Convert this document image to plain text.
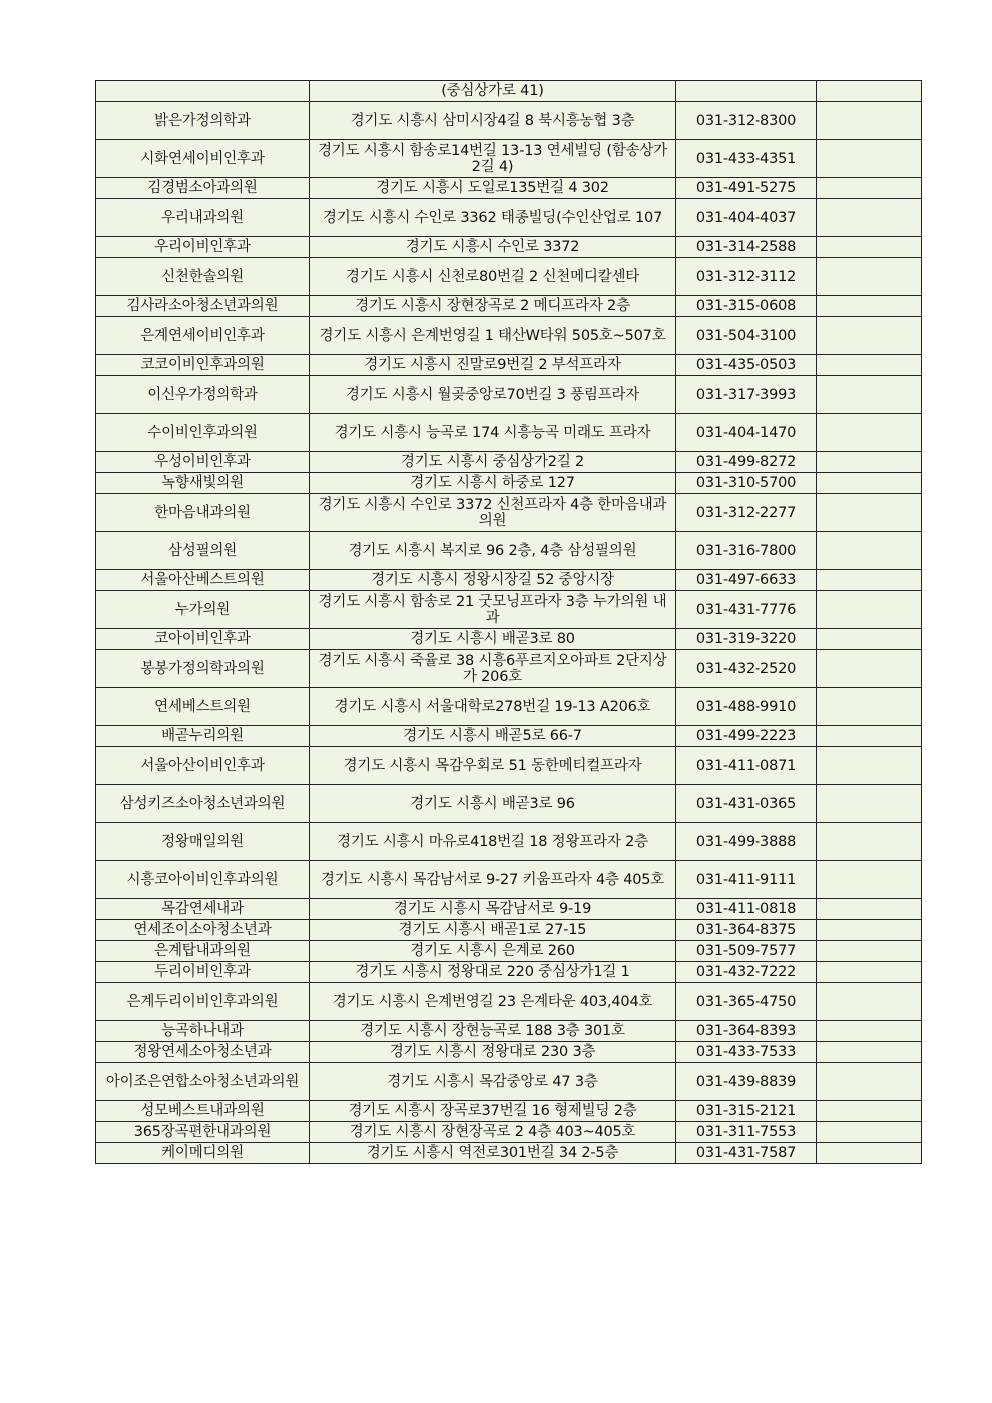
	(중심상가로 41)		

밝은가정의학과	경기도 시흥시 삼미시장4길 8 북시흥농협 3층	031-312-8300	

시화연세이비인후과	경기도 시흥시 함송로14번길 13-13 연세빌딩 (함송상가2길 4)	031-433-4351	

김경범소아과의원	경기도 시흥시 도일로135번길 4 302	031-491-5275	

우리내과의원	경기도 시흥시 수인로 3362 태종빌딩(수인산업로 107	031-404-4037	

우리이비인후과	경기도 시흥시 수인로 3372	031-314-2588	

신천한솔의원	경기도 시흥시 신천로80번길 2 신천메디칼센타	031-312-3112	

김사라소아청소년과의원	경기도 시흥시 장현장곡로 2 메디프라자 2층	031-315-0608	

은계연세이비인후과	경기도 시흥시 은계번영길 1 태산W타워 505호~507호	031-504-3100	

코코이비인후과의원	경기도 시흥시 진말로9번길 2 부석프라자	031-435-0503	

이신우가정의학과	경기도 시흥시 월곶중앙로70번길 3 풍림프라자	031-317-3993	

수이비인후과의원	경기도 시흥시 능곡로 174 시흥능곡 미래도 프라자	031-404-1470	

우성이비인후과	경기도 시흥시 중심상가2길 2	031-499-8272	

녹향새빛의원	경기도 시흥시 하중로 127	031-310-5700	

한마음내과의원	경기도 시흥시 수인로 3372 신천프라자 4층 한마음내과의원	031-312-2277	

삼성필의원	경기도 시흥시 복지로 96 2층, 4층 삼성필의원	031-316-7800	

서울아산베스트의원	경기도 시흥시 정왕시장길 52 중앙시장	031-497-6633	

누가의원	경기도 시흥시 함송로 21 굿모닝프라자 3층 누가의원 내과	031-431-7776	

코아이비인후과	경기도 시흥시 배곧3로 80	031-319-3220	

봉봉가정의학과의원	경기도 시흥시 죽율로 38 시흥6푸르지오아파트 2단지상가 206호	031-432-2520	

연세베스트의원	경기도 시흥시 서울대학로278번길 19-13 A206호	031-488-9910	

배곧누리의원	경기도 시흥시 배곧5로 66-7	031-499-2223	

서울아산이비인후과	경기도 시흥시 목감우회로 51 동한메티컬프라자	031-411-0871	

삼성키즈소아청소년과의원	경기도 시흥시 배곧3로 96	031-431-0365	

정왕매일의원	경기도 시흥시 마유로418번길 18 정왕프라자 2층	031-499-3888	

시흥코아이비인후과의원	경기도 시흥시 목감남서로 9-27 키움프라자 4층 405호	031-411-9111	

목감연세내과	경기도 시흥시 목감남서로 9-19	031-411-0818	

연세조이소아청소년과	경기도 시흥시 배곧1로 27-15	031-364-8375	

은계탑내과의원	경기도 시흥시 은계로 260	031-509-7577	

두리이비인후과	경기도 시흥시 정왕대로 220 중심상가1길 1	031-432-7222	

은계두리이비인후과의원	경기도 시흥시 은계번영길 23 은계타운 403,404호	031-365-4750	

능곡하나내과	경기도 시흥시 장현능곡로 188 3층 301호	031-364-8393	

정왕연세소아청소년과	경기도 시흥시 정왕대로 230 3층	031-433-7533	

아이조은연합소아청소년과의원	경기도 시흥시 목감중앙로 47 3층	031-439-8839	

성모베스트내과의원	경기도 시흥시 장곡로37번길 16 형제빌딩 2층	031-315-2121	

365장곡편한내과의원	경기도 시흥시 장현장곡로 2 4층 403~405호	031-311-7553	

케이메디의원	경기도 시흥시 역전로301번길 34 2-5층	031-431-7587	
